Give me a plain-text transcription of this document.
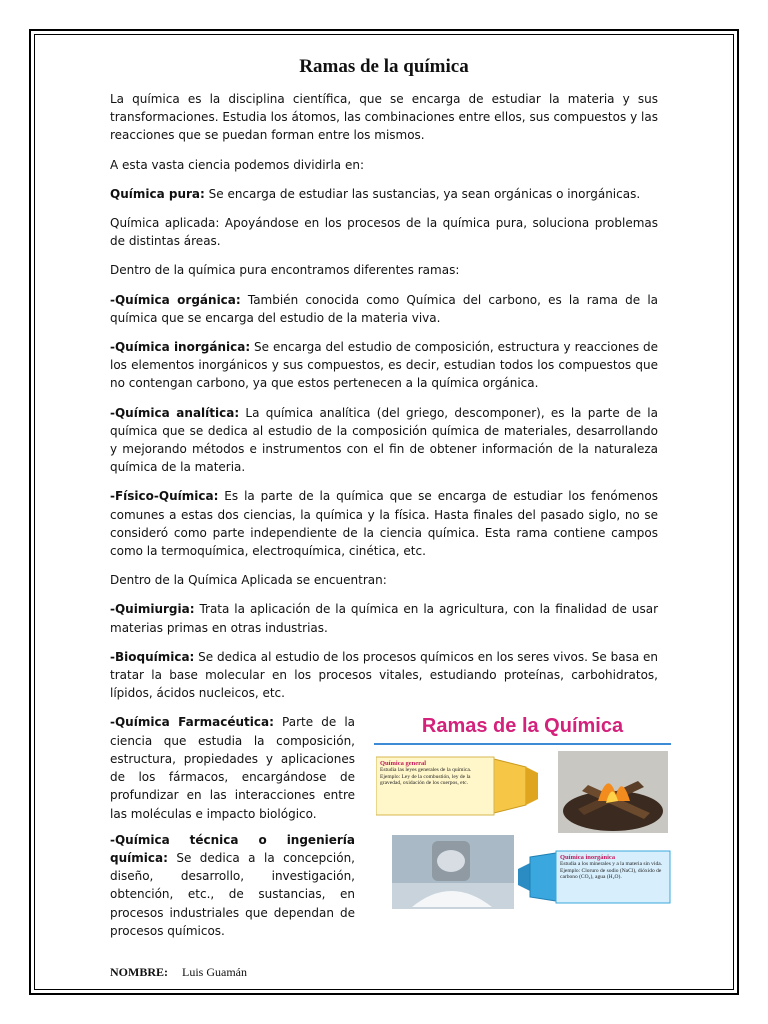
Ramas de la química

La química es la disciplina científica, que se encarga de estudiar la materia y sus transformaciones. Estudia los átomos, las combinaciones entre ellos, sus compuestos y las reacciones que se puedan forman entre los mismos.

A esta vasta ciencia podemos dividirla en:

Química pura: Se encarga de estudiar las sustancias, ya sean orgánicas o inorgánicas.

Química aplicada: Apoyándose en los procesos de la química pura, soluciona problemas de distintas áreas.

Dentro de la química pura encontramos diferentes ramas:

-Química orgánica: También conocida como Química del carbono, es la rama de la química que se encarga del estudio de la materia viva.

-Química inorgánica: Se encarga del estudio de composición, estructura y reacciones de los elementos inorgánicos y sus compuestos, es decir, estudian todos los compuestos que no contengan carbono, ya que estos pertenecen a la química orgánica.

-Química analítica: La química analítica (del griego, descomponer), es la parte de la química que se dedica al estudio de la composición química de materiales, desarrollando y mejorando métodos e instrumentos con el fin de obtener información de la naturaleza química de la materia.

-Físico-Química: Es la parte de la química que se encarga de estudiar los fenómenos comunes a estas dos ciencias, la química y la física. Hasta finales del pasado siglo, no se consideró como parte independiente de la ciencia química. Esta rama contiene campos como la termoquímica, electroquímica, cinética, etc.

Dentro de la Química Aplicada se encuentran:

-Quimiurgia: Trata la aplicación de la química en la agricultura, con la finalidad de usar materias primas en otras industrias.

-Bioquímica: Se dedica al estudio de los procesos químicos en los seres vivos. Se basa en tratar la base molecular en los procesos vitales, estudiando proteínas, carbohidratos, lípidos, ácidos nucleicos, etc.

-Química Farmacéutica: Parte de la ciencia que estudia la composición, estructura, propiedades y aplicaciones de los fármacos, encargándose de profundizar en las interacciones entre las moléculas e impacto biológico.

-Química técnica o ingeniería química: Se dedica a la concepción, diseño, desarrollo, investigación, obtención, etc., de sustancias, en procesos industriales que dependan de procesos químicos.

Ramas de la Química
Química general
Estudia las leyes generales de la química. Ejemplo: Ley de la combustión, ley de la gravedad, oxidación de los cuerpos, etc.
Química inorgánica
Estudia a los minerales y a la materia sin vida. Ejemplo: Cloruro de sodio (NaCl), dióxido de carbono (CO₂), agua (H₂O).
NOMBRE: Luis Guamán
